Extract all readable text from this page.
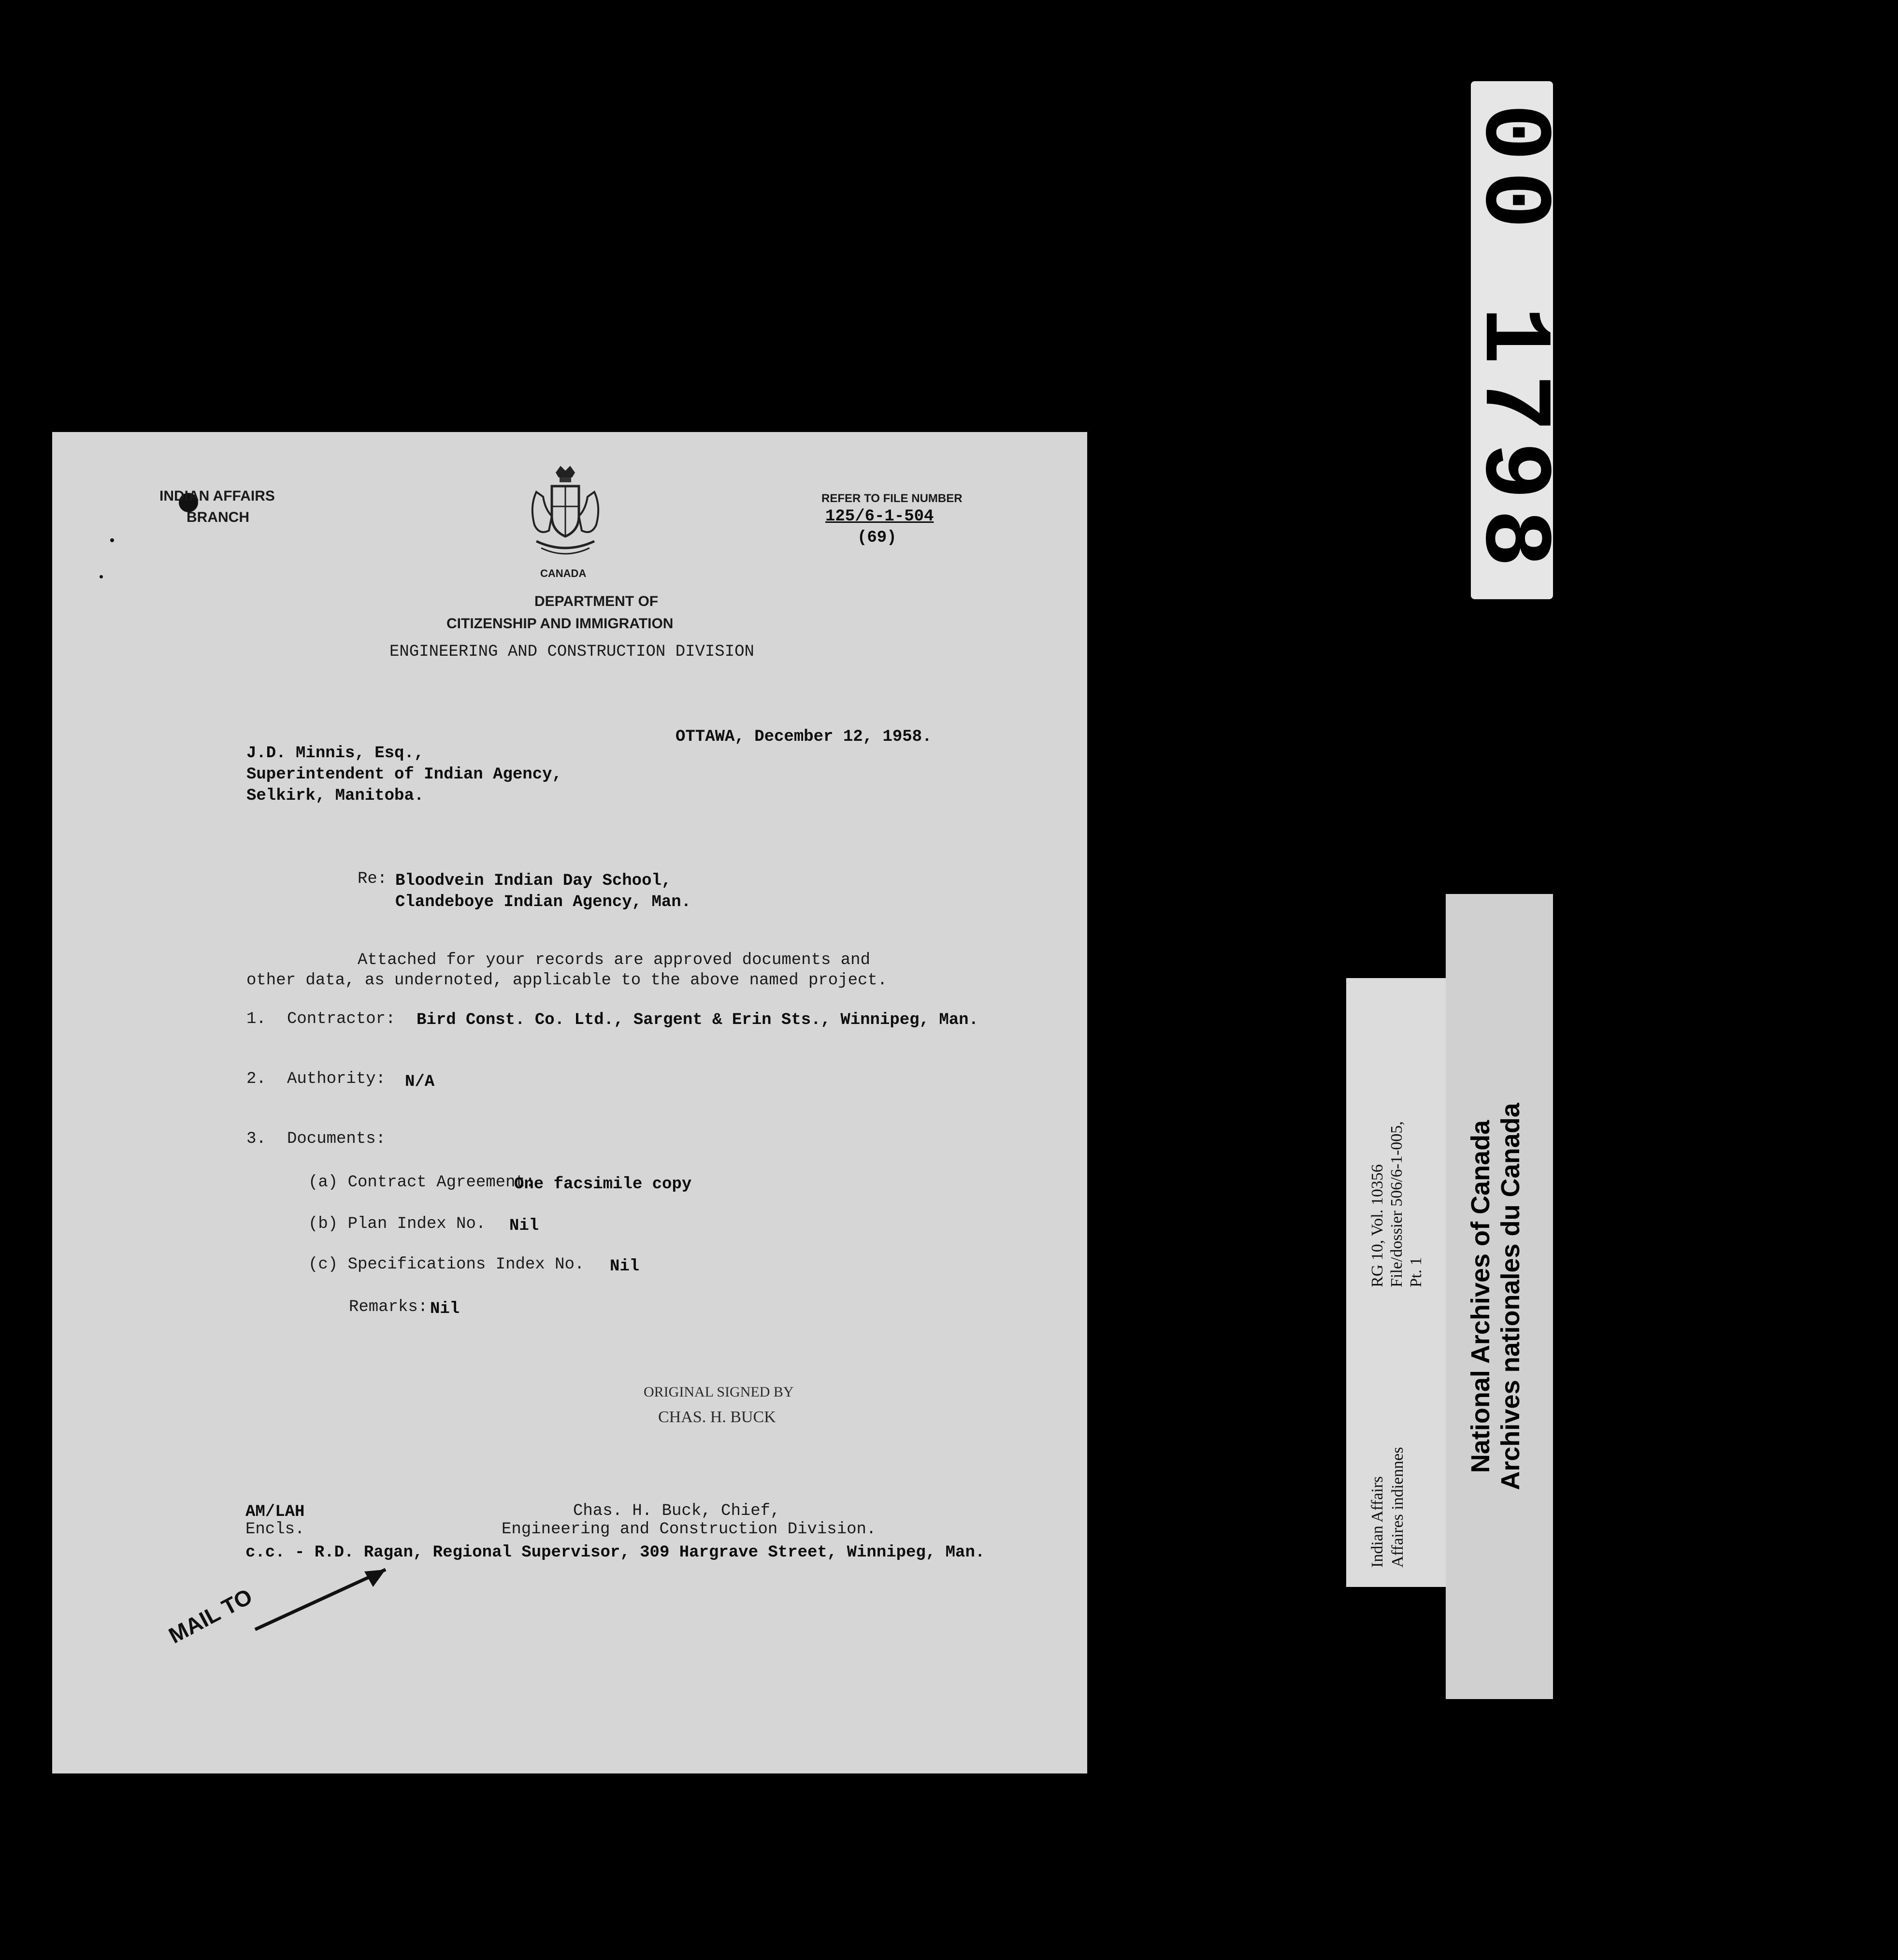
INDIAN AFFAIRS
BRANCH
CANADA
DEPARTMENT OF
CITIZENSHIP AND IMMIGRATION
ENGINEERING AND CONSTRUCTION DIVISION
REFER TO FILE NUMBER
125/6-1-504
(69)
OTTAWA, December 12, 1958.
J.D. Minnis, Esq.,
Superintendent of Indian Agency,
Selkirk, Manitoba.
Re: Bloodvein Indian Day School,
Clandeboye Indian Agency, Man.
Attached for your records are approved documents and
other data, as undernoted, applicable to the above named project.
1. Contractor: Bird Const. Co. Ltd., Sargent & Erin Sts., Winnipeg, Man.
2. Authority: N/A
3. Documents:
(a) Contract Agreement:
One facsimile copy
(b) Plan Index No. Nil
(c) Specifications Index No. Nil
Remarks: Nil
ORIGINAL SIGNED BY
CHAS. H. BUCK
Chas. H. Buck, Chief,
Engineering and Construction Division.
AM/LAH
Encls.
c.c. - R.D. Ragan, Regional Supervisor, 309 Hargrave Street, Winnipeg, Man.
MAIL TO
00 1798
Indian Affairs Affaires indiennes
RG 10, Vol. 10356 File/dossier 506/6-1-005, Pt. 1 National Archives of Canada Archives nationales du Canada
